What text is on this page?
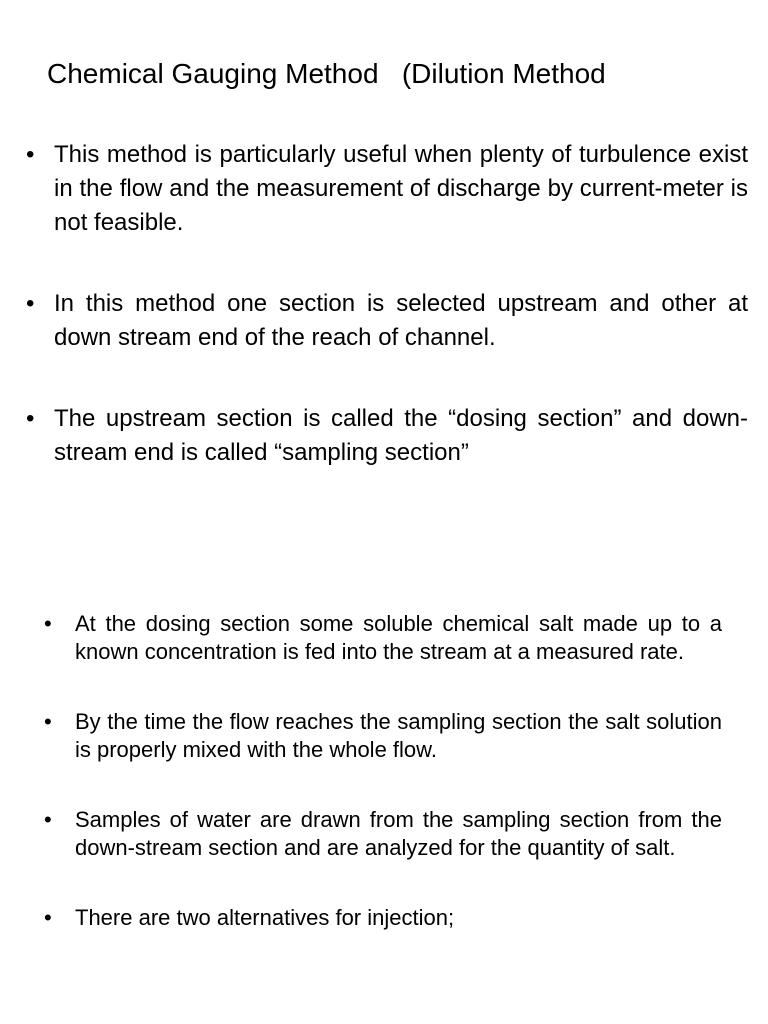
Chemical Gauging Method   (Dilution Method
• This method is particularly useful when plenty of turbulence exist in the flow and the measurement of discharge by current-meter is not feasible.
• In this method one section is selected upstream and other at down stream end of the reach of channel.
• The upstream section is called the “dosing section” and down-stream end is called “sampling section”
• At the dosing section some soluble chemical salt made up to a known concentration is fed into the stream at a measured rate.
• By the time the flow reaches the sampling section the salt solution is properly mixed with the whole flow.
• Samples of water are drawn from the sampling section from the down-stream section and are analyzed for the quantity of salt.
• There are two alternatives for injection;
